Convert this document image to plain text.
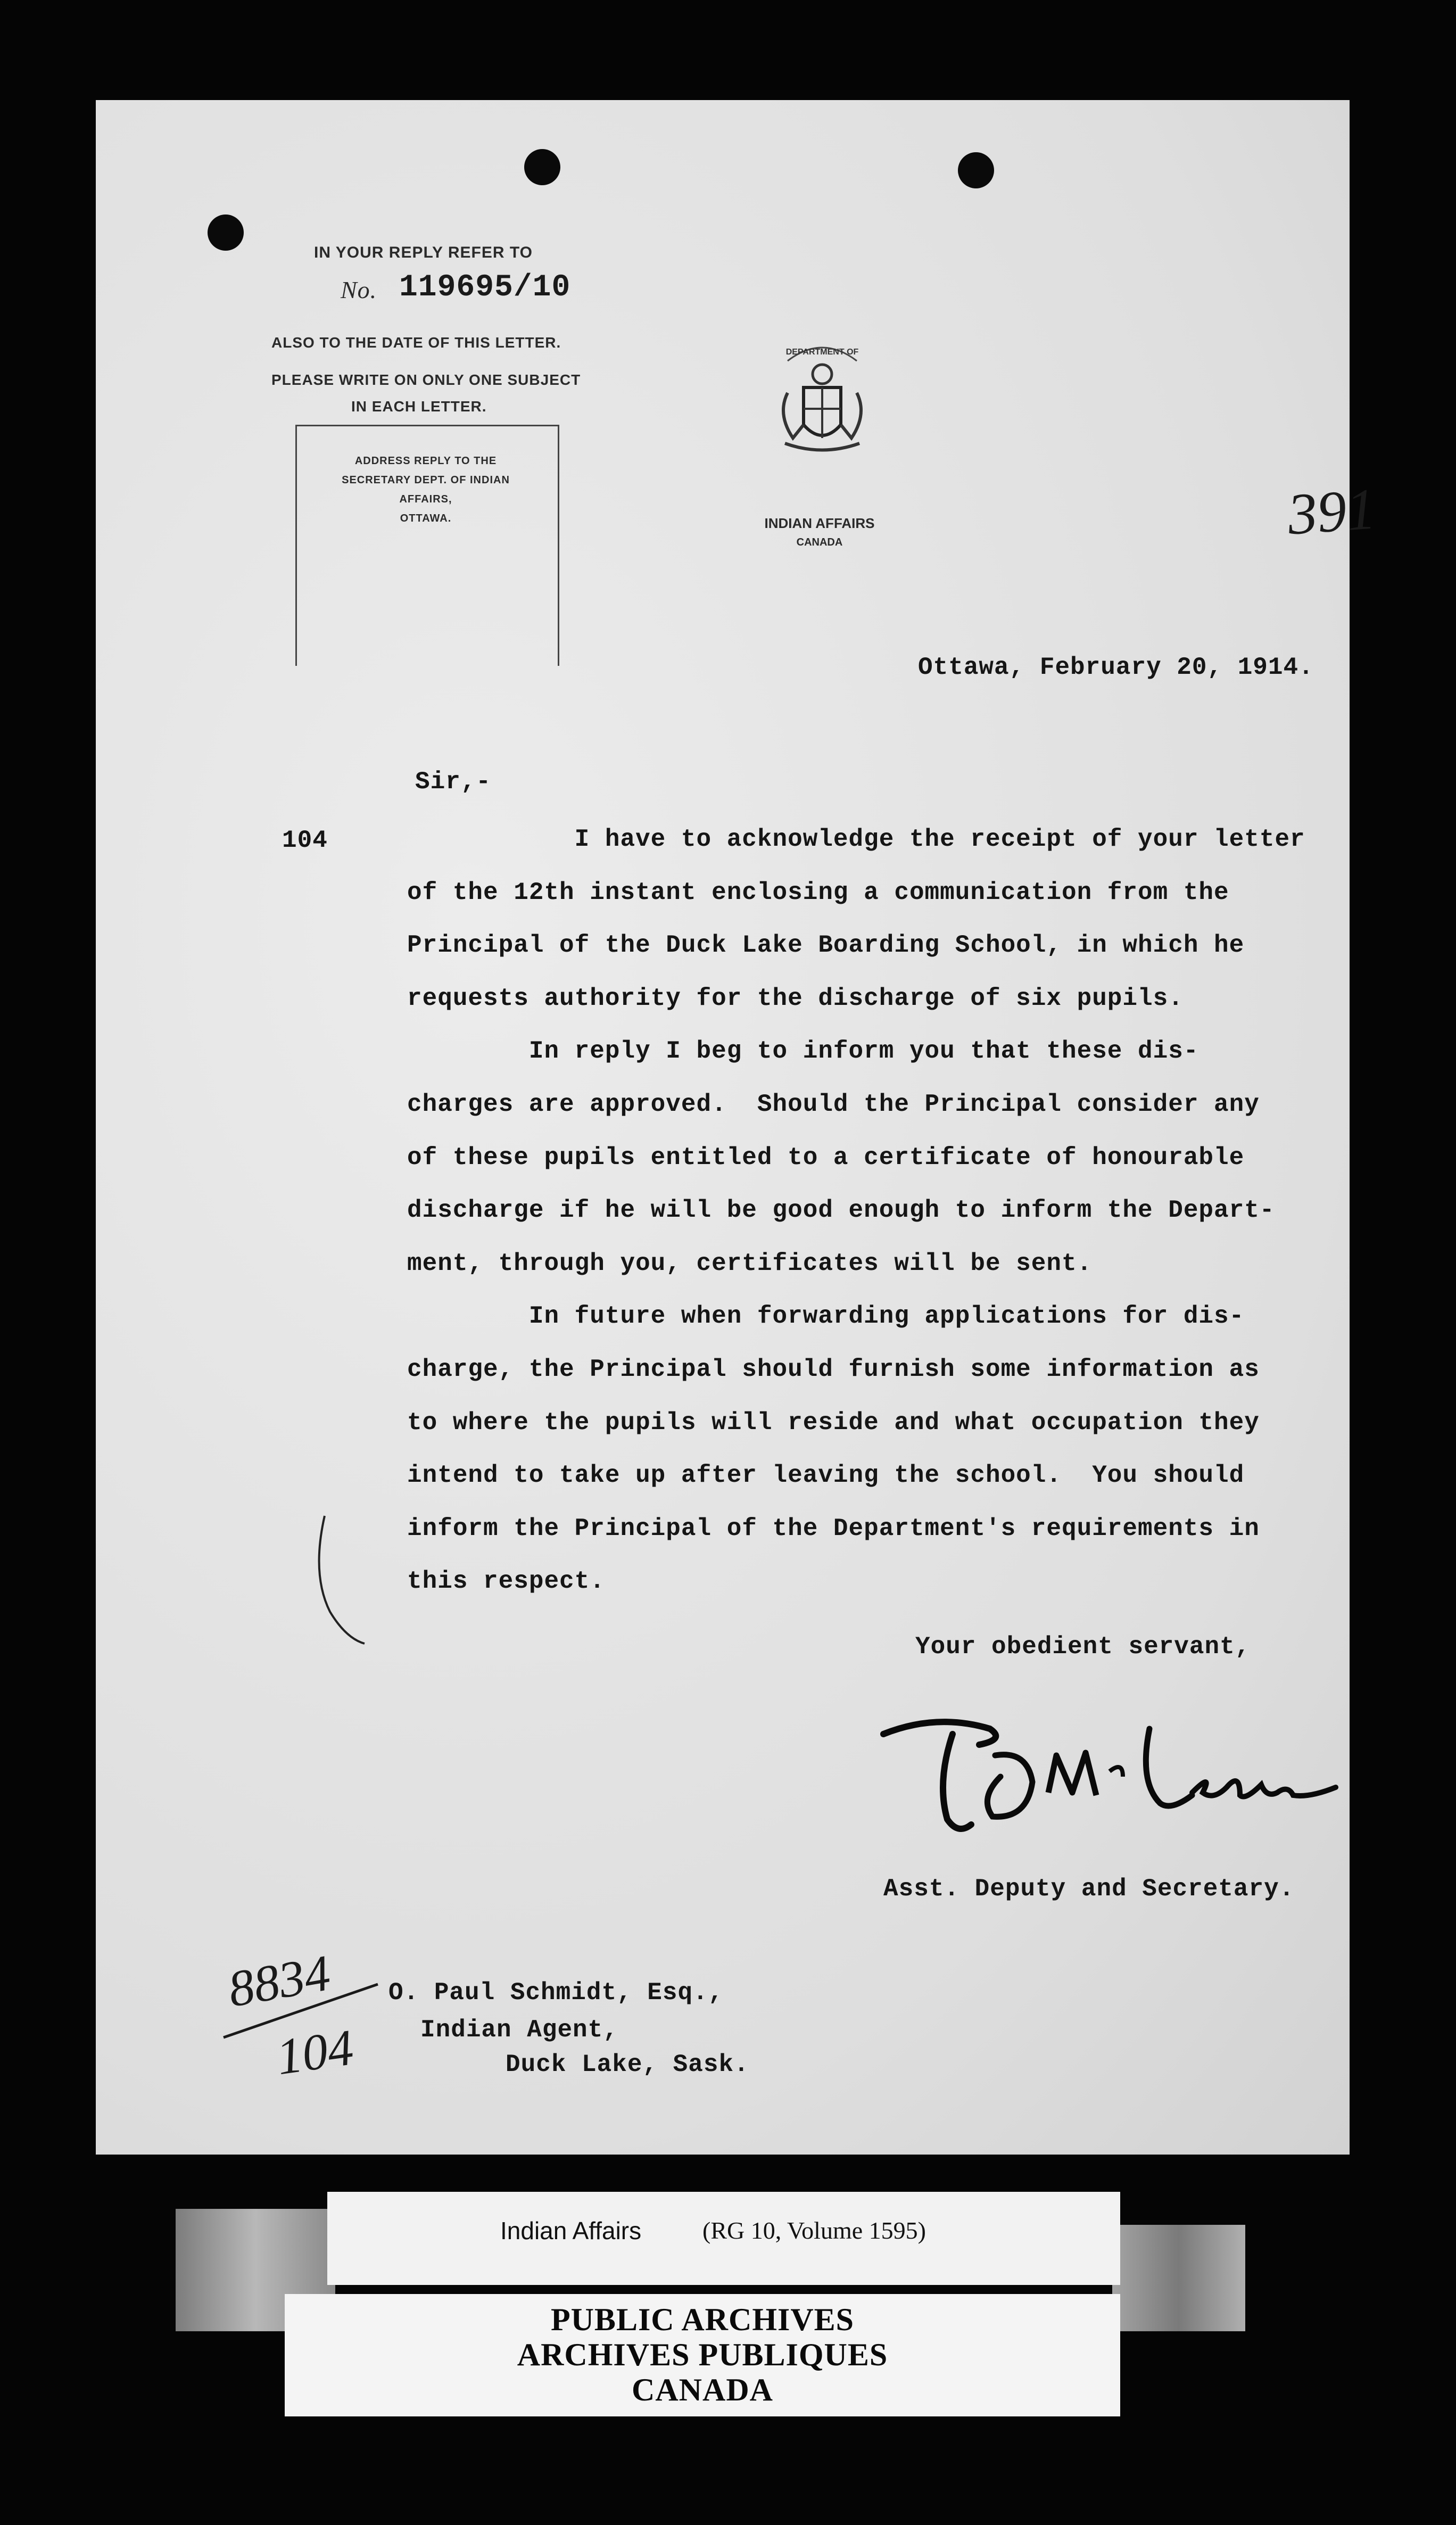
IN YOUR REPLY REFER TO
No. 119695/10
ALSO TO THE DATE OF THIS LETTER.
PLEASE WRITE ON ONLY ONE SUBJECT
IN EACH LETTER.
ADDRESS REPLY TO THE
SECRETARY DEPT. OF INDIAN AFFAIRS,
OTTAWA.
DEPARTMENT OF
INDIAN AFFAIRS
CANADA	391
Ottawa, February 20, 1914.
Sir,-
104	I have to acknowledge the receipt of your letter
of the 12th instant enclosing a communication from the
Principal of the Duck Lake Boarding School, in which he
requests authority for the discharge of six pupils.
In reply I beg to inform you that these dis-
charges are approved.  Should the Principal consider any
of these pupils entitled to a certificate of honourable
discharge if he will be good enough to inform the Depart-
ment, through you, certificates will be sent.
In future when forwarding applications for dis-
charge, the Principal should furnish some information as
to where the pupils will reside and what occupation they
intend to take up after leaving the school.  You should
inform the Principal of the Department's requirements in
this respect.
Your obedient servant,
Asst. Deputy and Secretary.
8834
104
O. Paul Schmidt, Esq.,
Indian Agent,
Duck Lake, Sask.
Indian Affairs (RG 10, Volume 1595)
PUBLIC ARCHIVES
ARCHIVES PUBLIQUES
CANADA
